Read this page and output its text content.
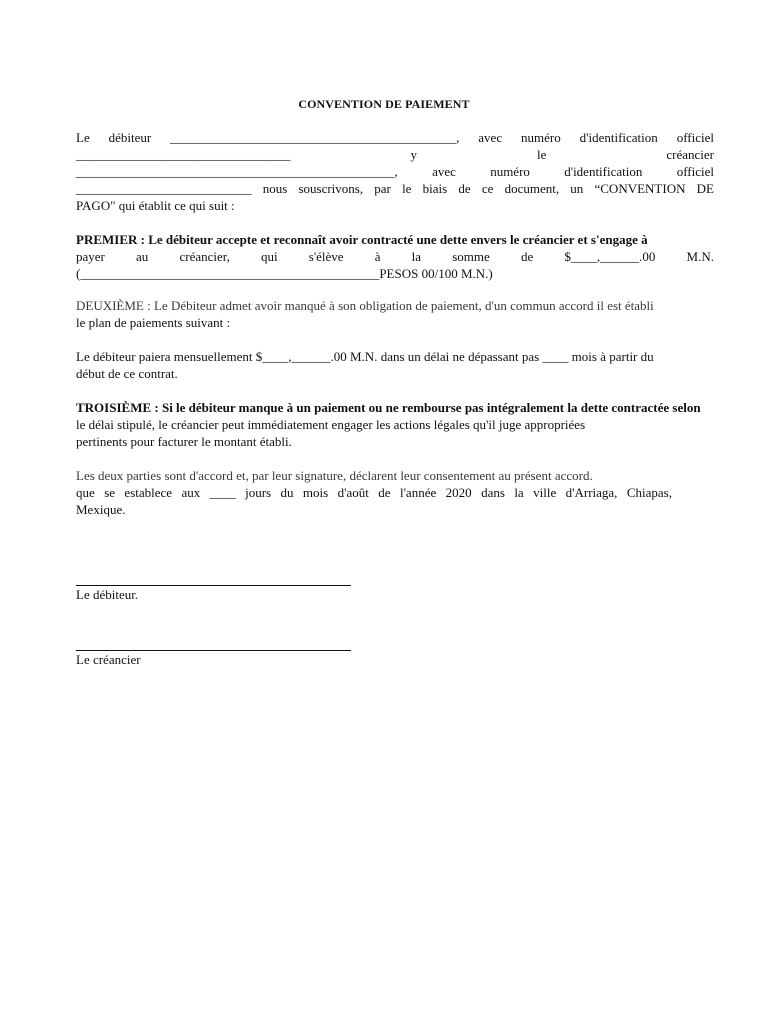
CONVENTION DE PAIEMENT
Le débiteur ____________________________________________, avec numéro d'identification officiel
_________________________________ y le créancier
_________________________________________________, avec numéro d'identification officiel
___________________________ nous souscrivons, par le biais de ce document, un “CONVENTION DE
PAGO" qui établit ce qui suit :
PREMIER : Le débiteur accepte et reconnaît avoir contracté une dette envers le créancier et s'engage à
payer au créancier, qui s'élève à la somme de $____,______.00 M.N.
(______________________________________________PESOS 00/100 M.N.)
DEUXIÈME : Le Débiteur admet avoir manqué à son obligation de paiement, d'un commun accord il est établi
le plan de paiements suivant :
Le débiteur paiera mensuellement $____,______.00 M.N. dans un délai ne dépassant pas ____ mois à partir du
début de ce contrat.
TROISIÈME : Si le débiteur manque à un paiement ou ne rembourse pas intégralement la dette contractée selon
le délai stipulé, le créancier peut immédiatement engager les actions légales qu'il juge appropriées
pertinents pour facturer le montant établi.
Les deux parties sont d'accord et, par leur signature, déclarent leur consentement au présent accord.
que se establece aux ____ jours du mois d'août de l'année 2020 dans la ville d'Arriaga, Chiapas,
Mexique.
Le débiteur.
Le créancier
